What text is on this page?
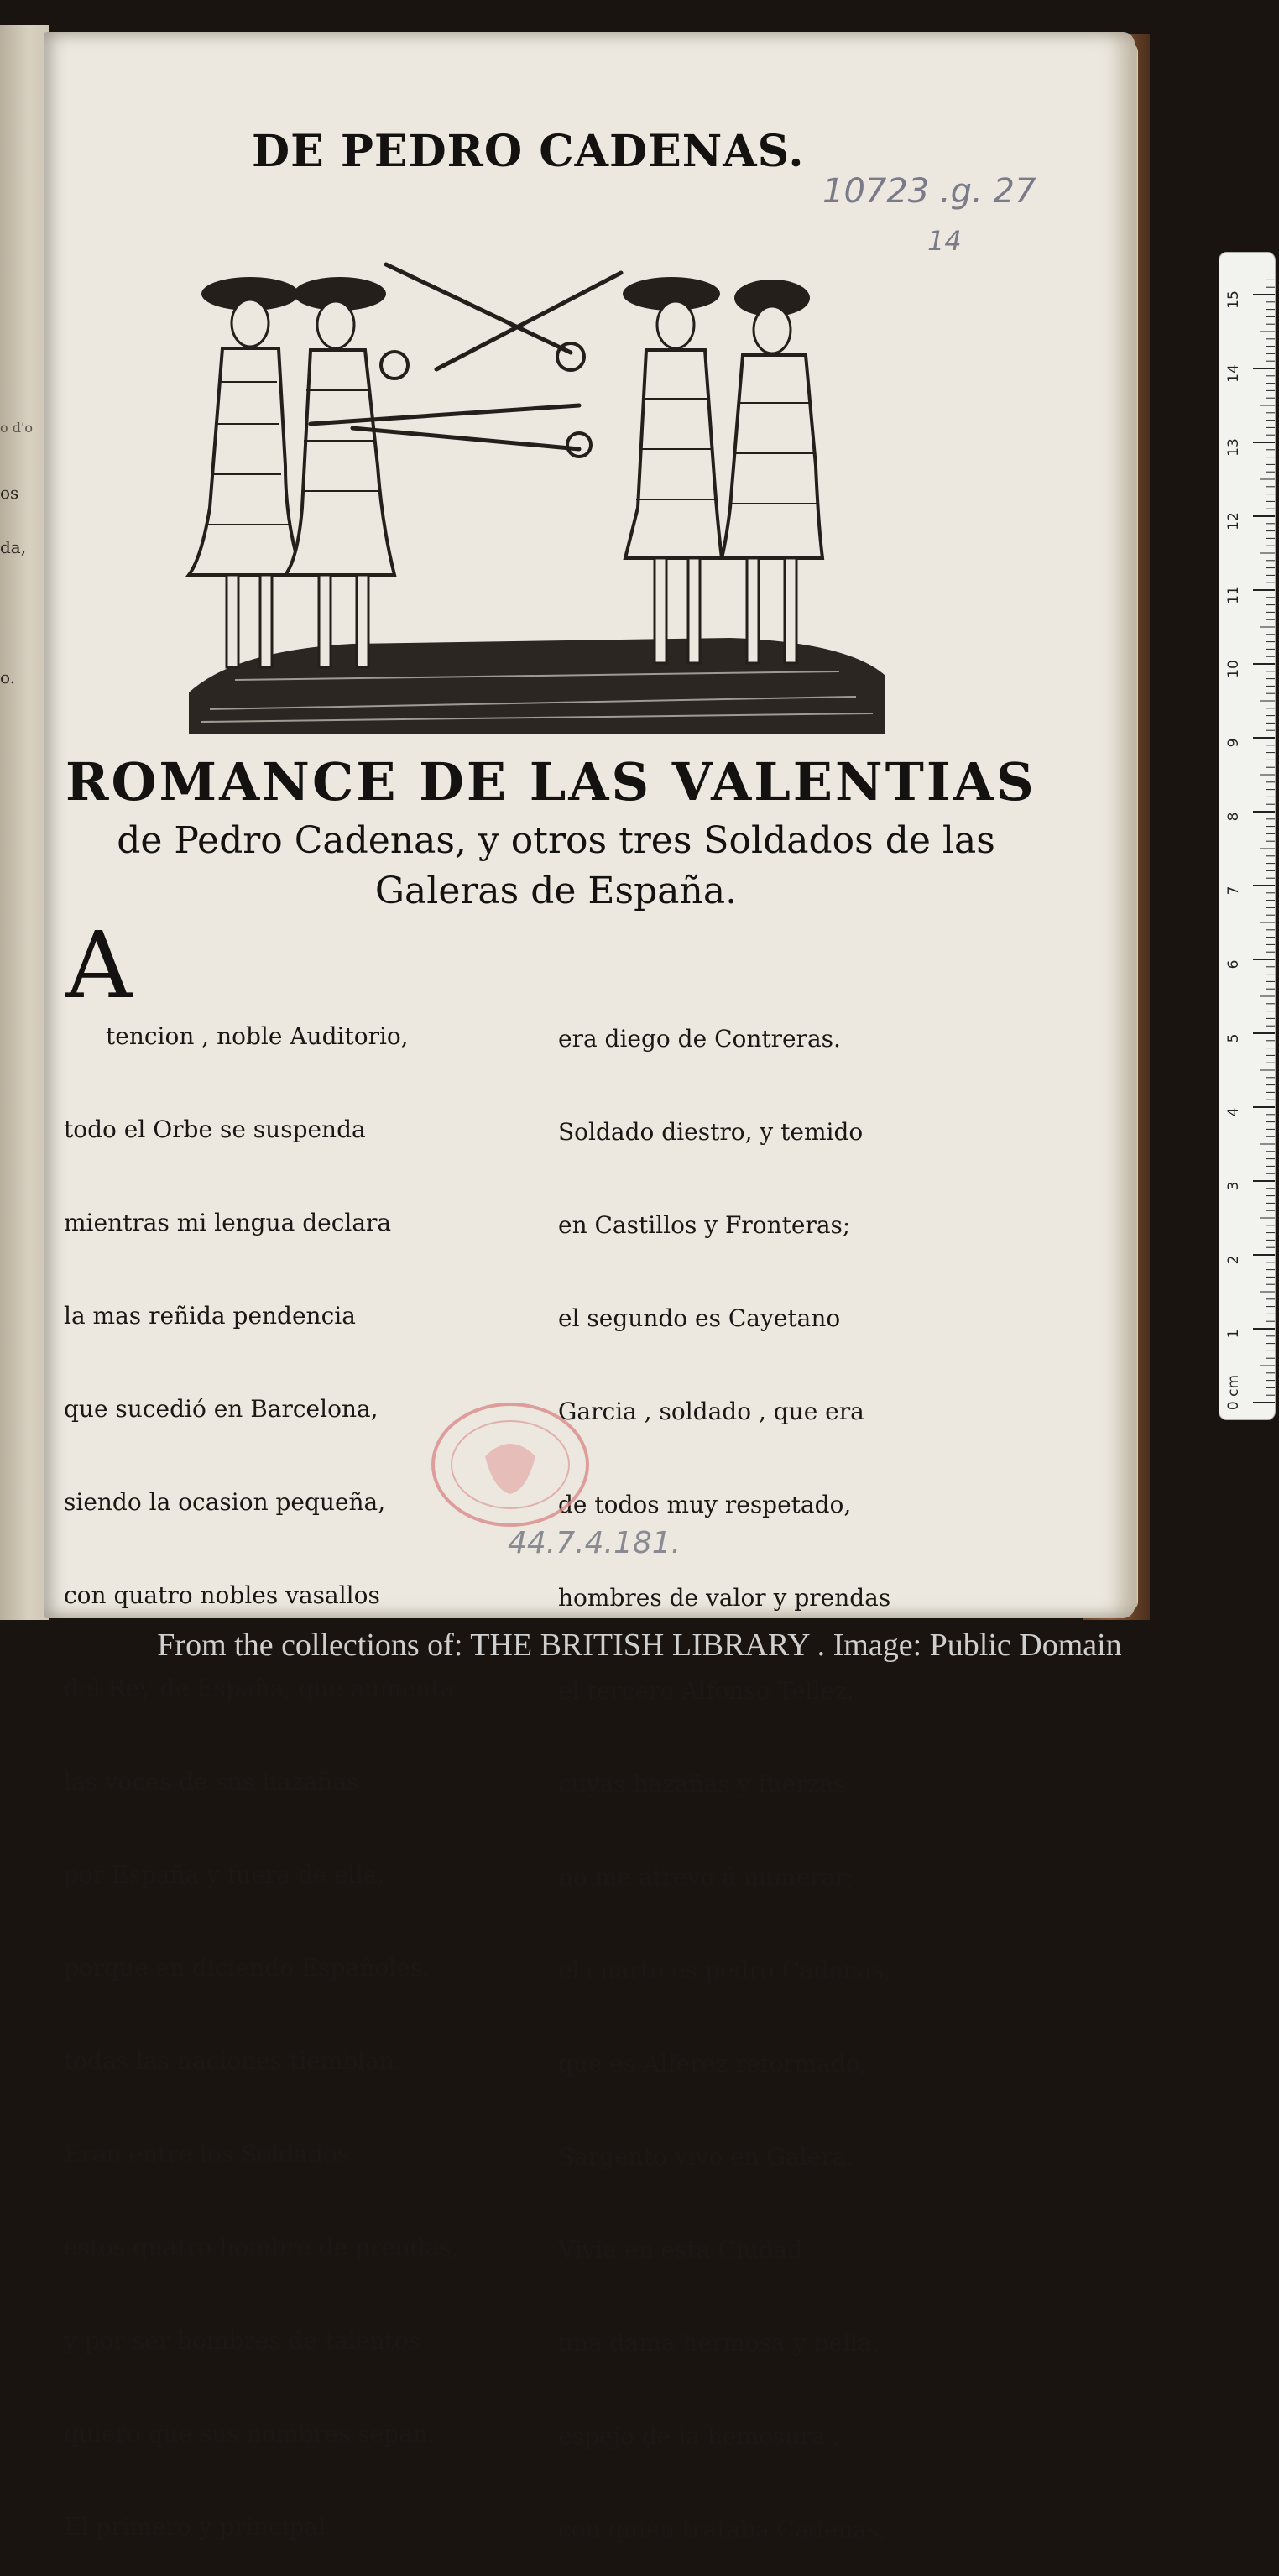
os
da,
o.
o d'o

DE PEDRO CADENAS.
10723 .g. 27
14
ROMANCE DE LAS VALENTIAS
de Pedro Cadenas, y otros tres Soldados de las
Galeras de España.
A

tencion , noble Auditorio,

todo el Orbe se suspenda

mientras mi lengua declara

la mas reñida pendencia

que sucedió en Barcelona,

siendo la ocasion pequeña,

con quatro nobles vasallos

del Rey de España, que aumenta

las voces de sns hazañas

por España y fuera de ella,

porque en diciendo Españoles,

todas las naciones tiemblan.

Eran entre los Soldados

estos quatro hombre de prendas,

y por ser hombres de talentos

quiero que sus nombres sepan.

El primero y principal

era diego de Contreras.

Soldado diestro, y temido

en Castillos y Fronteras;

el segundo es Cayetano

Garcia , soldado , que era

de todos muy respetado,

hombres de valor y prendas

el tercero Alfonso Tellez,

cuyas hazañas y fuerzas

no me atrevo á numerar;

el cuarto es pedro Cadenas,

que es Alferez reformado,

Sargento vivo en Galera.

Vivia en esta Ciudad

una dama hermosa y bella,

espejo de la hemosura ,

con quien trataba Cadenas,

44.7.4.181.
0 cm
1
2
3
4
5
6
7
8
9
10
11
12
13
14
15
From the collections of: THE BRITISH LIBRARY . Image: Public Domain
